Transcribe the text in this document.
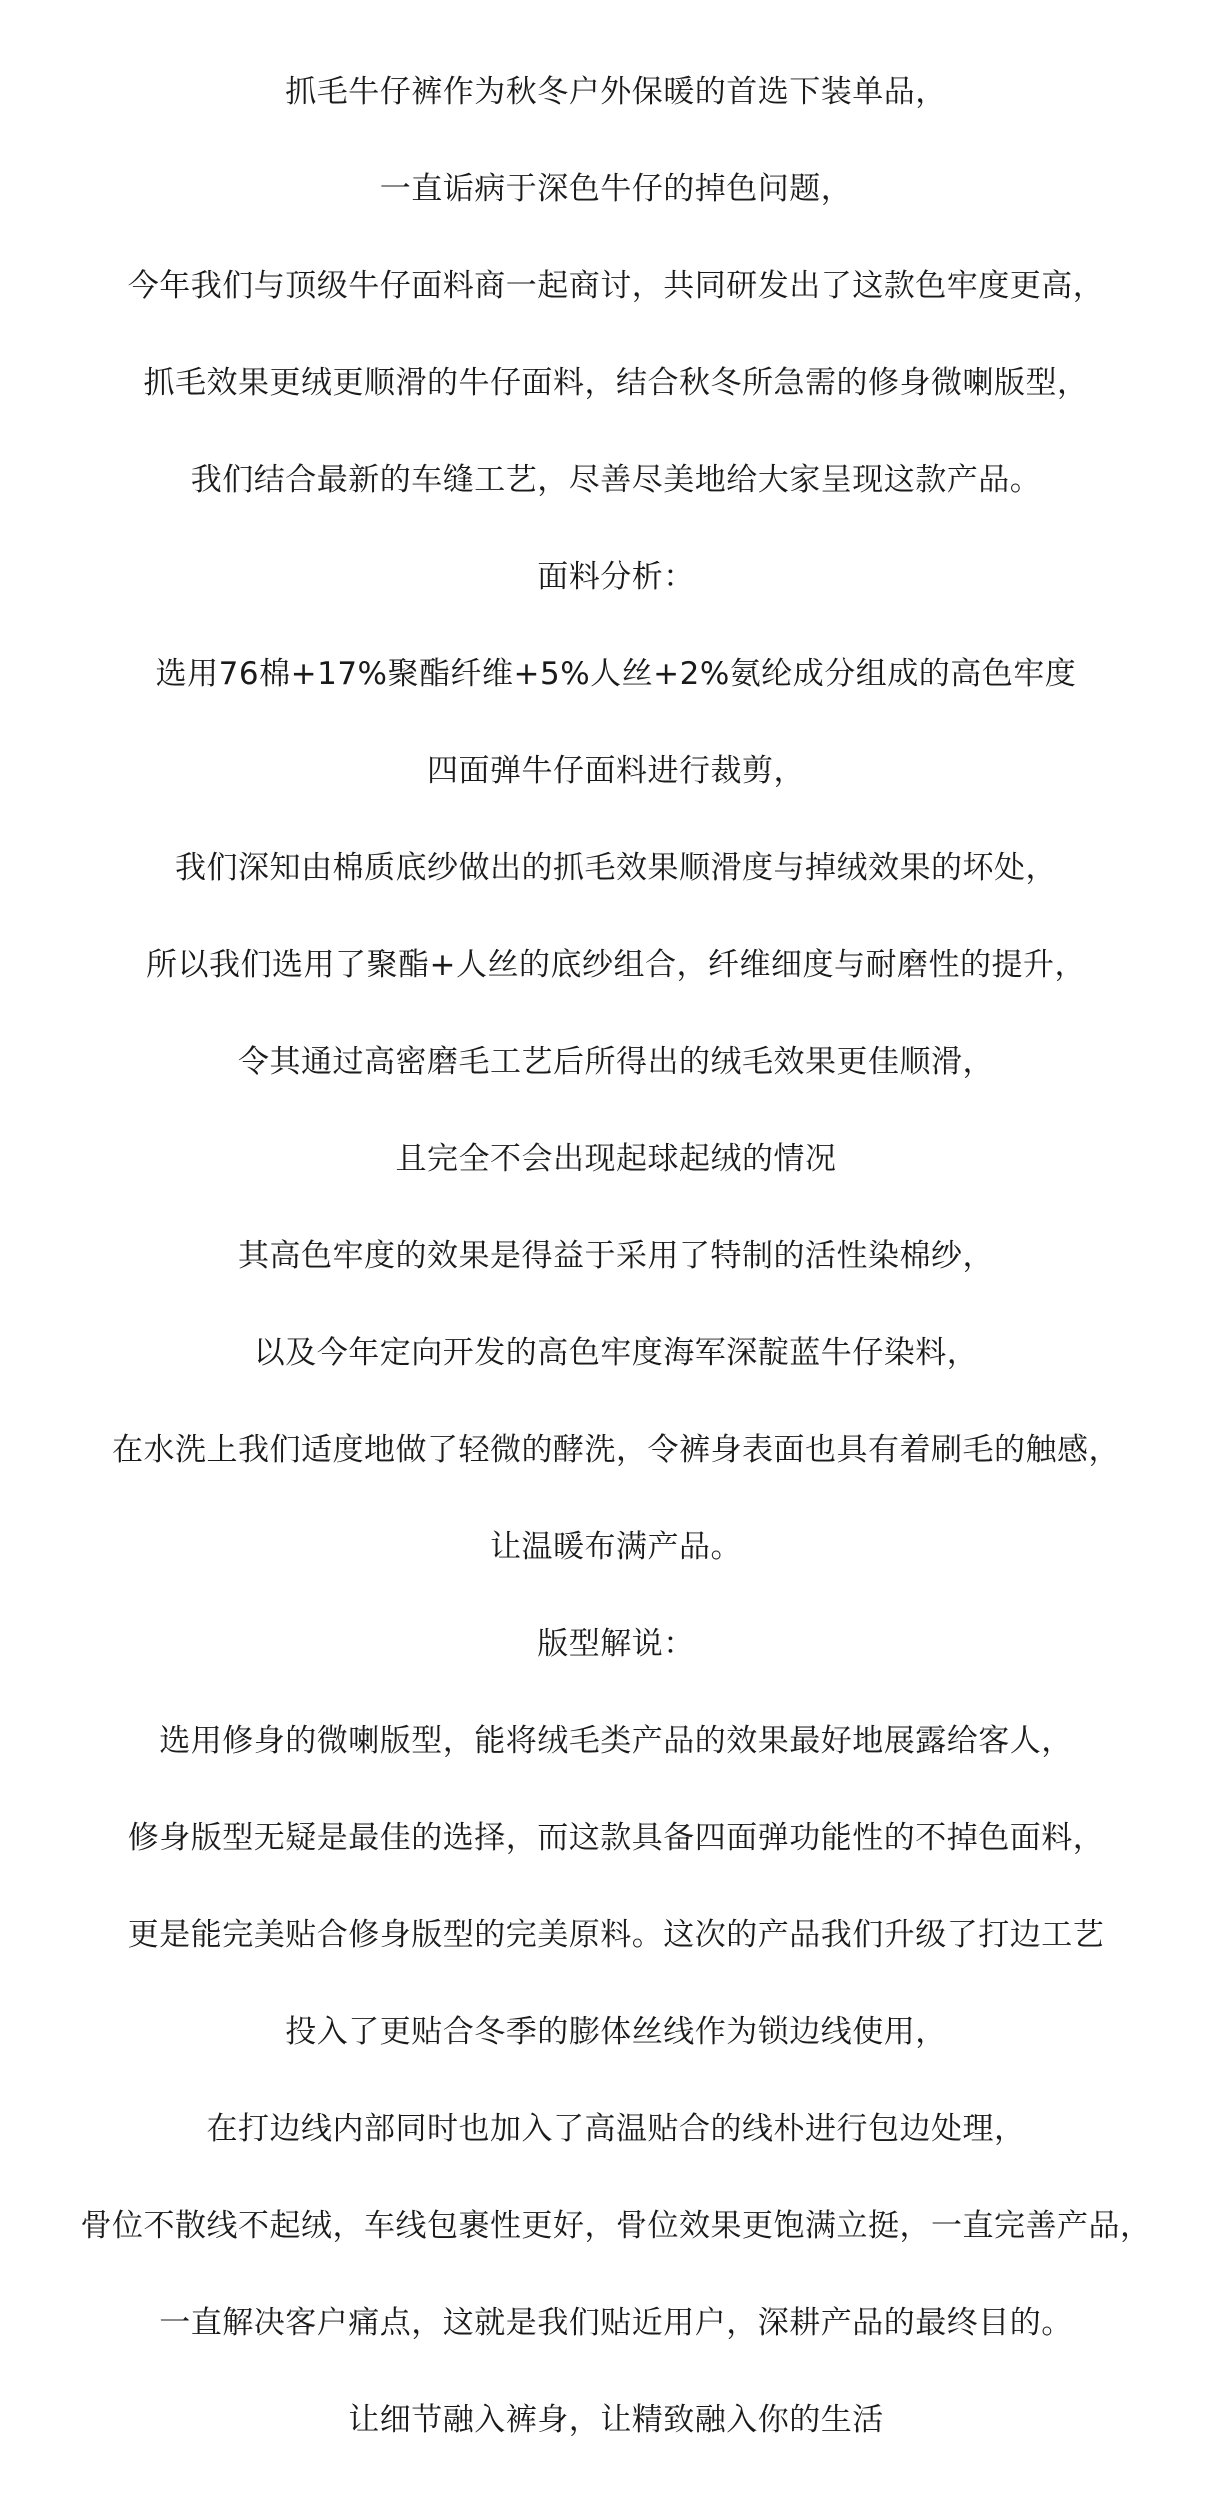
抓毛牛仔裤作为秋冬户外保暖的首选下装单品，
一直诟病于深色牛仔的掉色问题，
今年我们与顶级牛仔面料商一起商讨，共同研发出了这款色牢度更高，
抓毛效果更绒更顺滑的牛仔面料，结合秋冬所急需的修身微喇版型，
我们结合最新的车缝工艺，尽善尽美地给大家呈现这款产品。
面料分析：
选用76棉+17%聚酯纤维+5%人丝+2%氨纶成分组成的高色牢度
四面弹牛仔面料进行裁剪，
我们深知由棉质底纱做出的抓毛效果顺滑度与掉绒效果的坏处，
所以我们选用了聚酯+人丝的底纱组合，纤维细度与耐磨性的提升，
令其通过高密磨毛工艺后所得出的绒毛效果更佳顺滑，
且完全不会出现起球起绒的情况
其高色牢度的效果是得益于采用了特制的活性染棉纱，
以及今年定向开发的高色牢度海军深靛蓝牛仔染料，
在水洗上我们适度地做了轻微的酵洗，令裤身表面也具有着刷毛的触感，
让温暖布满产品。
版型解说：
选用修身的微喇版型，能将绒毛类产品的效果最好地展露给客人，
修身版型无疑是最佳的选择，而这款具备四面弹功能性的不掉色面料，
更是能完美贴合修身版型的完美原料。这次的产品我们升级了打边工艺
投入了更贴合冬季的膨体丝线作为锁边线使用，
在打边线内部同时也加入了高温贴合的线朴进行包边处理，
骨位不散线不起绒，车线包裹性更好，骨位效果更饱满立挺，一直完善产品，
一直解决客户痛点，这就是我们贴近用户，深耕产品的最终目的。
让细节融入裤身，让精致融入你的生活
